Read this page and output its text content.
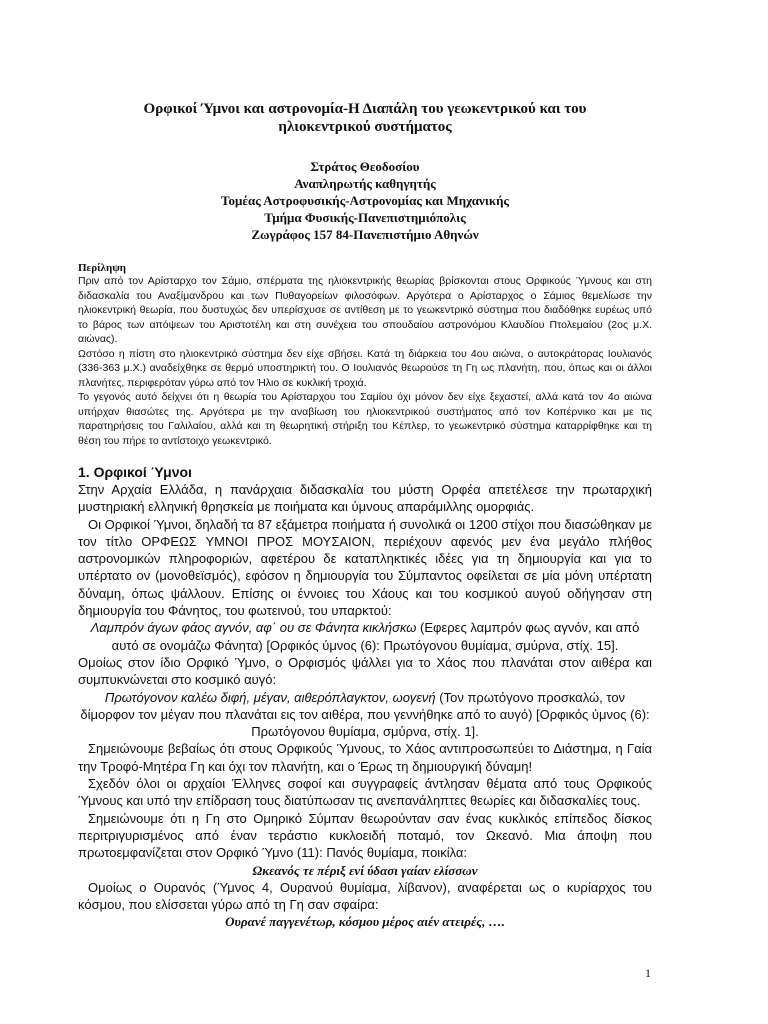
Ορφικοί Ύμνοι και αστρονομία-Η Διαπάλη του γεωκεντρικού και του
ηλιοκεντρικού συστήματος
Στράτος Θεοδοσίου
Αναπληρωτής καθηγητής
Τομέας Αστροφυσικής-Αστρονομίας και Μηχανικής
Τμήμα Φυσικής-Πανεπιστημιόπολις
Ζωγράφος 157 84-Πανεπιστήμιο Αθηνών
Περίληψη

Πριν από τον Αρίσταρχο τον Σάμιο, σπέρματα της ηλιοκεντρικής θεωρίας βρίσκονται στους Ορφικούς Ύμνους και στη διδασκαλία του Αναξίμανδρου και των Πυθαγορείων φιλοσόφων. Αργότερα ο Αρίσταρχος ο Σάμιος θεμελίωσε την ηλιοκεντρική θεωρία, που δυστυχώς δεν υπερίσχυσε σε αντίθεση με το γεωκεντρικό σύστημα που διαδόθηκε ευρέως υπό το βάρος των απόψεων του Αριστοτέλη και στη συνέχεια του σπουδαίου αστρονόμου Κλαυδίου Πτολεμαίου (2ος μ.Χ. αιώνας).

Ωστόσο η πίστη στο ηλιοκεντρικό σύστημα δεν είχε σβήσει. Κατά τη διάρκεια του 4ου αιώνα, ο αυτοκράτορας Ιουλιανός (336-363 μ.Χ.) αναδείχθηκε σε θερμό υποστηρικτή του. Ο Ιουλιανός θεωρούσε τη Γη ως πλανήτη, που, όπως και οι άλλοι πλανήτες, περιφερόταν γύρω από τον Ήλιο σε κυκλική τροχιά.

Το γεγονός αυτό δείχνει ότι η θεωρία του Αρίσταρχου του Σαμίου όχι μόνον δεν είχε ξεχαστεί, αλλά κατά τον 4ο αιώνα υπήρχαν θιασώτες της. Αργότερα με την αναβίωση του ηλιοκεντρικού συστήματος από τον Κοπέρνικο και με τις παρατηρήσεις του Γαλιλαίου, αλλά και τη θεωρητική στήριξη του Κέπλερ, το γεωκεντρικό σύστημα καταρρίφθηκε και τη θέση του πήρε το αντίστοιχο γεωκεντρικό.

1. Ορφικοί Ύμνοι

Στην Αρχαία Ελλάδα, η πανάρχαια διδασκαλία του μύστη Ορφέα απετέλεσε την πρωταρχική μυστηριακή ελληνική θρησκεία με ποιήματα και ύμνους απαράμιλλης ομορφιάς.

Οι Ορφικοί Ύμνοι, δηλαδή τα 87 εξάμετρα ποιήματα ή συνολικά οι 1200 στίχοι που διασώθηκαν με τον τίτλο ΟΡΦΕΩΣ ΥΜΝΟΙ ΠΡΟΣ ΜΟΥΣΑΙΟΝ, περιέχουν αφενός μεν ένα μεγάλο πλήθος αστρονομικών πληροφοριών, αφετέρου δε καταπληκτικές ιδέες για τη δημιουργία και για το υπέρτατο ον (μονοθεϊσμός), εφόσον η δημιουργία του Σύμπαντος οφείλεται σε μία μόνη υπέρτατη δύναμη, όπως ψάλλουν. Επίσης οι έννοιες του Χάους και του κοσμικού αυγού οδήγησαν στη δημιουργία του Φάνητος, του φωτεινού, του υπαρκτού:

Λαμπρόν άγων φάος αγνόν, αφ΄ ου σε Φάνητα κικλήσκω (Εφερες λαμπρόν φως αγνόν, και από αυτό σε ονομάζω Φάνητα) [Ορφικός ύμνος (6): Πρωτόγονου θυμίαμα, σμύρνα, στίχ. 15].

Ομοίως στον ίδιο Ορφικό Ύμνο, ο Ορφισμός ψάλλει για το Χάος που πλανάται στον αιθέρα και συμπυκνώνεται στο κοσμικό αυγό:

Πρωτόγονον καλέω διφή, μέγαν, αιθερόπλαγκτον, ωογενή (Τον πρωτόγονο προσκαλώ, τον δίμορφον τον μέγαν που πλανάται εις τον αιθέρα, που γεννήθηκε από το αυγό) [Ορφικός ύμνος (6): Πρωτόγονου θυμίαμα, σμύρνα, στίχ. 1].

Σημειώνουμε βεβαίως ότι στους Ορφικούς Ύμνους, το Χάος αντιπροσωπεύει το Διάστημα, η Γαία την Τροφό-Μητέρα Γη και όχι τον πλανήτη, και ο Έρως τη δημιουργική δύναμη!

Σχεδόν όλοι οι αρχαίοι Έλληνες σοφοί και συγγραφείς άντλησαν θέματα από τους Ορφικούς Ύμνους και υπό την επίδραση τους διατύπωσαν τις ανεπανάληπτες θεωρίες και διδασκαλίες τους.

Σημειώνουμε ότι η Γη στο Ομηρικό Σύμπαν θεωρούνταν σαν ένας κυκλικός επίπεδος δίσκος περιτριγυρισμένος από έναν τεράστιο κυκλοειδή ποταμό, τον Ωκεανό. Μια άποψη που πρωτοεμφανίζεται στον Ορφικό Ύμνο (11): Πανός θυμίαμα, ποικίλα:

Ωκεανός τε πέριξ ενί ύδασι γαίαν ελίσσων

Ομοίως ο Ουρανός (Ύμνος 4, Ουρανού θυμίαμα, λίβανον), αναφέρεται ως ο κυρίαρχος του κόσμου, που ελίσσεται γύρω από τη Γη σαν σφαίρα:

Ουρανέ παγγενέτωρ, κόσμου μέρος αιέν ατειρές, ….

1
